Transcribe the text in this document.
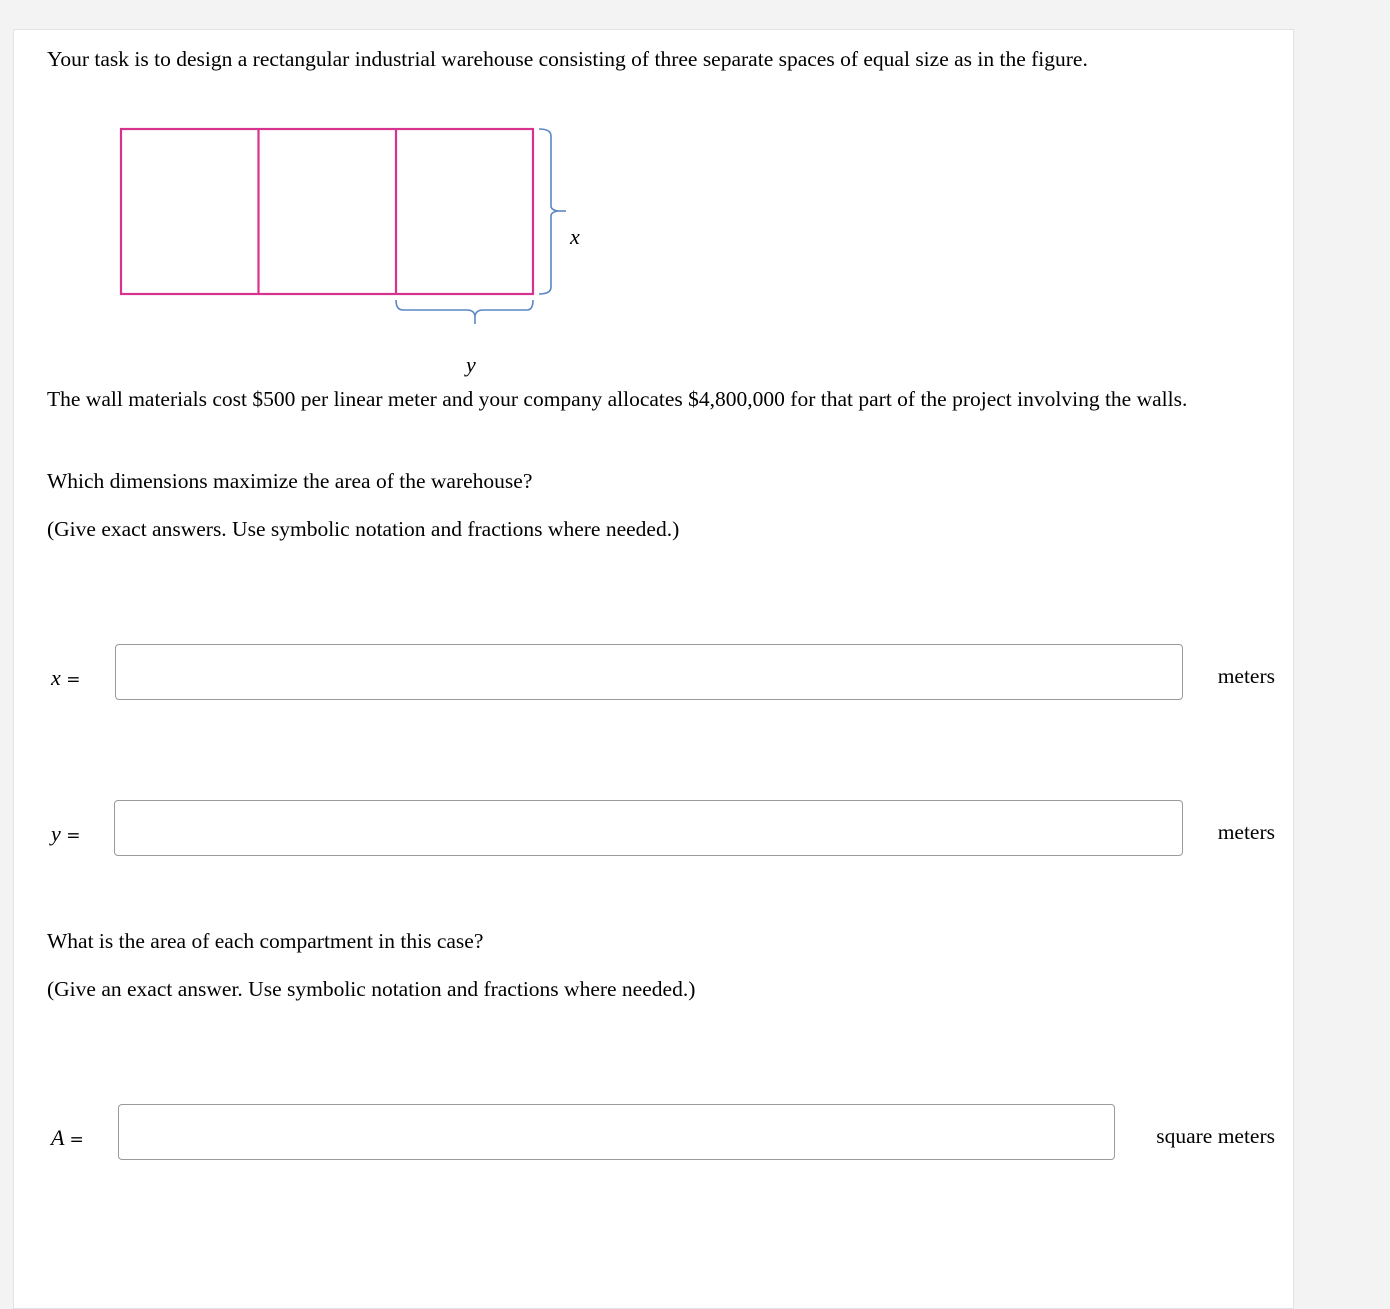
Your task is to design a rectangular industrial warehouse consisting of three separate spaces of equal size as in the figure.

x
y

The wall materials cost $500 per linear meter and your company allocates $4,800,000 for that part of the project involving the walls.

Which dimensions maximize the area of the warehouse?

(Give exact answers. Use symbolic notation and fractions where needed.)

x =	meters
y =	meters

What is the area of each compartment in this case?

(Give an exact answer. Use symbolic notation and fractions where needed.)

A =	square meters
